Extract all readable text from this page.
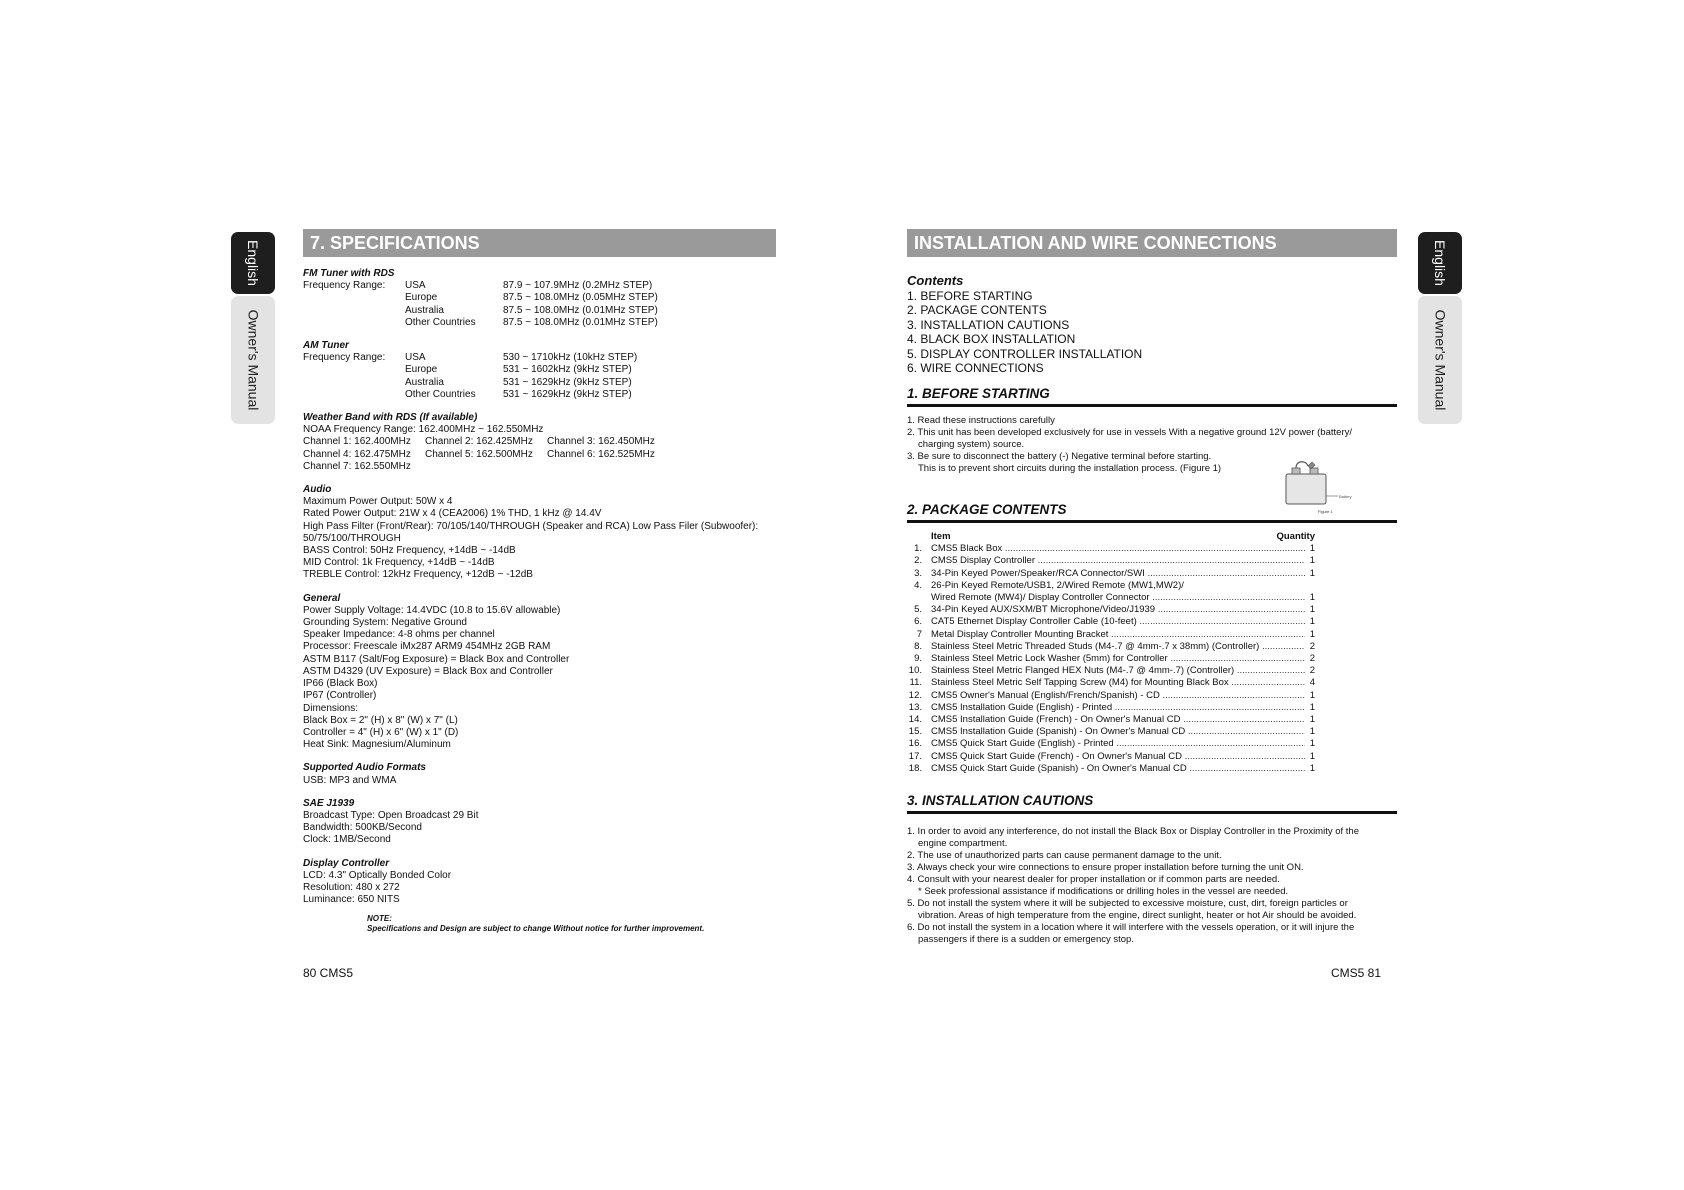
English
Owner's Manual
7. SPECIFICATIONS
FM Tuner with RDS
Frequency Range:	USA	87.9 ~ 107.9MHz (0.2MHz STEP)
Europe	87.5 ~ 108.0MHz (0.05MHz STEP)
Australia	87.5 ~ 108.0MHz (0.01MHz STEP)
Other Countries	87.5 ~ 108.0MHz (0.01MHz STEP)
AM Tuner
Frequency Range:	USA	530 ~ 1710kHz (10kHz STEP)
Europe	531 ~ 1602kHz (9kHz STEP)
Australia	531 ~ 1629kHz (9kHz STEP)
Other Countries	531 ~ 1629kHz (9kHz STEP)
Weather Band with RDS (If available)
NOAA Frequency Range: 162.400MHz ~ 162.550MHz
Channel 1: 162.400MHz	Channel 2: 162.425MHz	Channel 3: 162.450MHz
Channel 4: 162.475MHz	Channel 5: 162.500MHz	Channel 6: 162.525MHz
Channel 7: 162.550MHz
Audio
Maximum Power Output: 50W x 4
Rated Power Output: 21W x 4 (CEA2006) 1% THD, 1 kHz @ 14.4V
High Pass Filter (Front/Rear): 70/105/140/THROUGH (Speaker and RCA) Low Pass Filer (Subwoofer):
50/75/100/THROUGH
BASS Control: 50Hz Frequency, +14dB ~ -14dB
MID Control: 1k Frequency, +14dB ~ -14dB
TREBLE Control: 12kHz Frequency, +12dB ~ -12dB
General
Power Supply Voltage: 14.4VDC (10.8 to 15.6V allowable)
Grounding System: Negative Ground
Speaker Impedance: 4-8 ohms per channel
Processor: Freescale iMx287 ARM9 454MHz 2GB RAM
ASTM B117 (Salt/Fog Exposure) = Black Box and Controller
ASTM D4329 (UV Exposure) = Black Box and Controller
IP66 (Black Box)
IP67 (Controller)
Dimensions:
Black Box = 2" (H) x 8" (W) x 7" (L)
Controller = 4" (H) x 6" (W) x 1" (D)
Heat Sink: Magnesium/Aluminum
Supported Audio Formats
USB: MP3 and WMA
SAE J1939
Broadcast Type: Open Broadcast 29 Bit
Bandwidth: 500KB/Second
Clock: 1MB/Second
Display Controller
LCD: 4.3" Optically Bonded Color
Resolution: 480 x 272
Luminance: 650 NITS
NOTE:
Specifications and Design are subject to change Without notice for further improvement.
80 CMS5
English
Owner's Manual
INSTALLATION AND WIRE CONNECTIONS
Contents
1. BEFORE STARTING
2. PACKAGE CONTENTS
3. INSTALLATION CAUTIONS
4. BLACK BOX INSTALLATION
5. DISPLAY CONTROLLER INSTALLATION
6. WIRE CONNECTIONS
1. BEFORE STARTING
1. Read these instructions carefully
2. This unit has been developed exclusively for use in vessels With a negative ground 12V power (battery/
charging system) source.
3. Be sure to disconnect the battery (-) Negative terminal before starting.
This is to prevent short circuits during the installation process. (Figure 1)
Battery
Figure 1
2. PACKAGE CONTENTS
Item	Quantity
1. CMS5 Black Box .....	1
2. CMS5 Display Controller .....	1
3. 34-Pin Keyed Power/Speaker/RCA Connector/SWI .....	1
4. 26-Pin Keyed Remote/USB1, 2/Wired Remote (MW1,MW2)/
Wired Remote (MW4)/ Display Controller Connector .....	1
5. 34-Pin Keyed AUX/SXM/BT Microphone/Video/J1939 .....	1
6. CAT5 Ethernet Display Controller Cable (10-feet) .....	1
7 Metal Display Controller Mounting Bracket .....	1
8. Stainless Steel Metric Threaded Studs (M4-.7 @ 4mm-.7 x 38mm) (Controller) .....	2
9. Stainless Steel Metric Lock Washer (5mm) for Controller .....	2
10. Stainless Steel Metric Flanged HEX Nuts (M4-.7 @ 4mm-.7) (Controller) .....	2
11. Stainless Steel Metric Self Tapping Screw (M4) for Mounting Black Box .....	4
12. CMS5 Owner's Manual (English/French/Spanish) - CD .....	1
13. CMS5 Installation Guide (English) - Printed .....	1
14. CMS5 Installation Guide (French) - On Owner's Manual CD .....	1
15. CMS5 Installation Guide (Spanish) - On Owner's Manual CD .....	1
16. CMS5 Quick Start Guide (English) - Printed .....	1
17. CMS5 Quick Start Guide (French) - On Owner's Manual CD .....	1
18. CMS5 Quick Start Guide (Spanish) - On Owner's Manual CD .....	1
3. INSTALLATION CAUTIONS
1. In order to avoid any interference, do not install the Black Box or Display Controller in the Proximity of the
engine compartment.
2. The use of unauthorized parts can cause permanent damage to the unit.
3. Always check your wire connections to ensure proper installation before turning the unit ON.
4. Consult with your nearest dealer for proper installation or if common parts are needed.
* Seek professional assistance if modifications or drilling holes in the vessel are needed.
5. Do not install the system where it will be subjected to excessive moisture, cust, dirt, foreign particles or
vibration. Areas of high temperature from the engine, direct sunlight, heater or hot Air should be avoided.
6. Do not install the system in a location where it will interfere with the vessels operation, or it will injure the
passengers if there is a sudden or emergency stop.
CMS5 81
